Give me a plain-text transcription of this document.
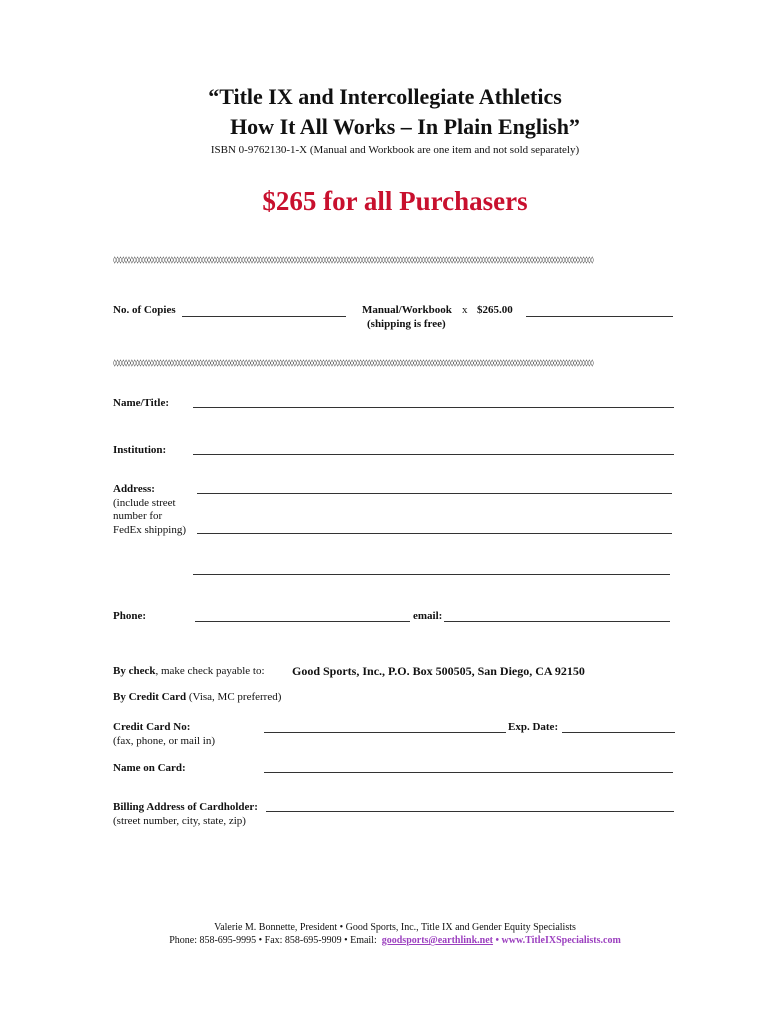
“Title IX and Intercollegiate Athletics
How It All Works – In Plain English”
ISBN 0-9762130-1-X (Manual and Workbook are one item and not sold separately)
$265 for all Purchasers
◊◊◊◊◊◊◊◊◊◊◊◊◊◊◊◊◊◊◊◊◊◊◊◊◊◊◊◊◊◊◊◊◊◊◊◊◊◊◊◊◊◊◊◊◊◊◊◊◊◊◊◊◊◊◊◊◊◊◊◊◊◊◊◊◊◊◊◊◊◊◊◊◊◊◊◊◊◊◊◊◊◊◊◊◊◊◊◊◊◊◊◊◊◊◊◊◊◊◊◊◊◊◊◊◊◊◊◊◊◊◊◊◊◊◊◊◊◊◊◊◊◊◊◊◊◊◊◊◊◊◊◊◊◊◊◊◊◊◊◊◊◊◊◊◊◊◊◊◊◊◊◊◊◊◊◊◊◊◊◊◊◊◊◊◊◊◊◊
No. of Copies	Manual/Workbook x $265.00
(shipping is free)
◊◊◊◊◊◊◊◊◊◊◊◊◊◊◊◊◊◊◊◊◊◊◊◊◊◊◊◊◊◊◊◊◊◊◊◊◊◊◊◊◊◊◊◊◊◊◊◊◊◊◊◊◊◊◊◊◊◊◊◊◊◊◊◊◊◊◊◊◊◊◊◊◊◊◊◊◊◊◊◊◊◊◊◊◊◊◊◊◊◊◊◊◊◊◊◊◊◊◊◊◊◊◊◊◊◊◊◊◊◊◊◊◊◊◊◊◊◊◊◊◊◊◊◊◊◊◊◊◊◊◊◊◊◊◊◊◊◊◊◊◊◊◊◊◊◊◊◊◊◊◊◊◊◊◊◊◊◊◊◊◊◊◊◊◊◊◊◊
Name/Title:
Institution:
Address:
(include street
number for
FedEx shipping)
Phone:	email:
By check, make check payable to: Good Sports, Inc., P.O. Box 500505, San Diego, CA 92150
By Credit Card (Visa, MC preferred)
Credit Card No:
(fax, phone, or mail in)
Exp. Date:
Name on Card:
Billing Address of Cardholder:
(street number, city, state, zip)
Valerie M. Bonnette, President • Good Sports, Inc., Title IX and Gender Equity Specialists
Phone: 858-695-9995 • Fax: 858-695-9909 • Email: goodsports@earthlink.net • www.TitleIXSpecialists.com
